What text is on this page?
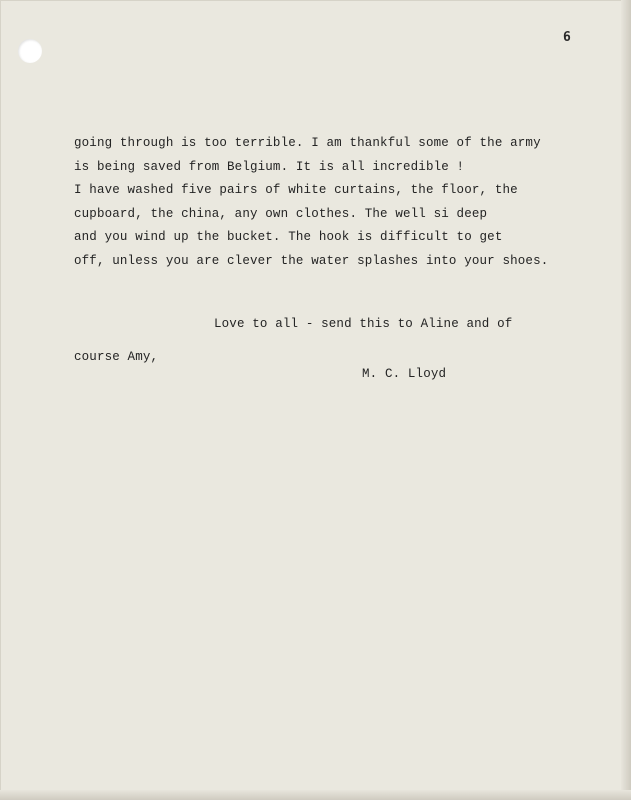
6
going through is too terrible. I am thankful some of the army
is being saved from Belgium. It is all incredible !
I have washed five pairs of white curtains, the floor, the
cupboard, the china, any own clothes. The well si deep
and you wind up the bucket. The hook is difficult to get
off, unless you are clever the water splashes into your shoes.
Love to all - send this to Aline and of
course Amy,
M. C. Lloyd
